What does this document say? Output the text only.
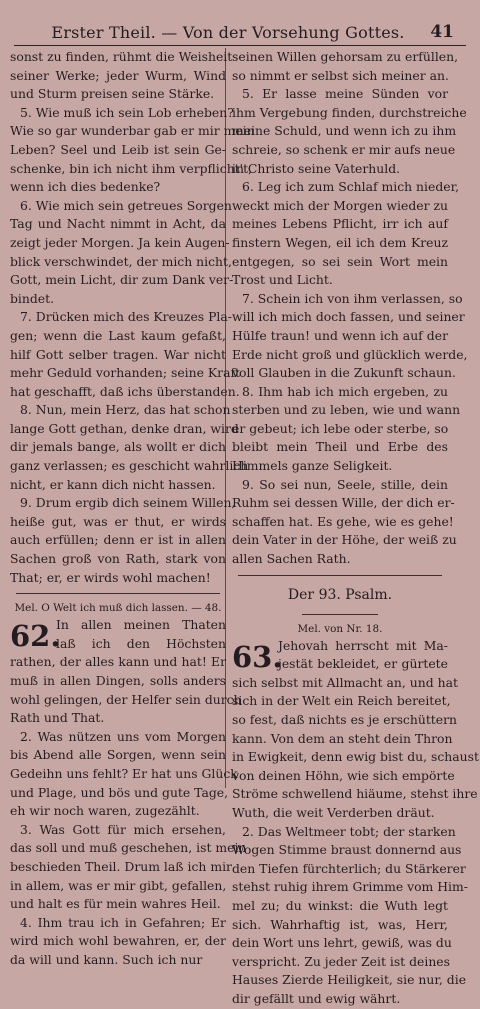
Erster Theil. — Von der Vorsehung Gottes. 41
sonst zu finden, rühmt die Weisheit
seiner Werke; jeder Wurm, Wind
und Sturm preisen seine Stärke.
5. Wie muß ich sein Lob erheben?
Wie so gar wunderbar gab er mir mein
Leben? Seel und Leib ist sein Ge-
schenke, bin ich nicht ihm verpflicht't,
wenn ich dies bedenke?
6. Wie mich sein getreues Sorgen
Tag und Nacht nimmt in Acht, da
zeigt jeder Morgen. Ja kein Augen-
blick verschwindet, der mich nicht,
Gott, mein Licht, dir zum Dank ver-
bindet.
7. Drücken mich des Kreuzes Pla-
gen; wenn die Last kaum gefaßt,
hilf Gott selber tragen. War nicht
mehr Geduld vorhanden; seine Kraft
hat geschafft, daß ichs überstanden.
8. Nun, mein Herz, das hat schon
lange Gott gethan, denke dran, wird
dir jemals bange, als wollt er dich
ganz verlassen; es geschicht wahrlich
nicht, er kann dich nicht hassen.
9. Drum ergib dich seinem Willen,
heiße gut, was er thut, er wirds
auch erfüllen; denn er ist in allen
Sachen groß von Rath, stark von
That; er, er wirds wohl machen!
Mel. O Welt ich muß dich lassen. — 48.
62.
In allen meinen Thaten
laß ich den Höchsten
rathen, der alles kann und hat! Er
muß in allen Dingen, solls anders
wohl gelingen, der Helfer sein durch
Rath und That.
2. Was nützen uns vom Morgen
bis Abend alle Sorgen, wenn sein
Gedeihn uns fehlt? Er hat uns Glück
und Plage, und bös und gute Tage,
eh wir noch waren, zugezählt.
3. Was Gott für mich ersehen,
das soll und muß geschehen, ist mein
beschieden Theil. Drum laß ich mir
in allem, was er mir gibt, gefallen,
und halt es für mein wahres Heil.
4. Ihm trau ich in Gefahren; Er
wird mich wohl bewahren, er, der
da will und kann. Such ich nur
seinen Willen gehorsam zu erfüllen,
so nimmt er selbst sich meiner an.
5. Er lasse meine Sünden vor
ihm Vergebung finden, durchstreiche
meine Schuld, und wenn ich zu ihm
schreie, so schenk er mir aufs neue
in Christo seine Vaterhuld.
6. Leg ich zum Schlaf mich nieder,
weckt mich der Morgen wieder zu
meines Lebens Pflicht, irr ich auf
finstern Wegen, eil ich dem Kreuz
entgegen, so sei sein Wort mein
Trost und Licht.
7. Schein ich von ihm verlassen, so
will ich mich doch fassen, und seiner
Hülfe traun! und wenn ich auf der
Erde nicht groß und glücklich werde,
voll Glauben in die Zukunft schaun.
8. Ihm hab ich mich ergeben, zu
sterben und zu leben, wie und wann
er gebeut; ich lebe oder sterbe, so
bleibt mein Theil und Erbe des
Himmels ganze Seligkeit.
9. So sei nun, Seele, stille, dein
Ruhm sei dessen Wille, der dich er-
schaffen hat. Es gehe, wie es gehe!
dein Vater in der Höhe, der weiß zu
allen Sachen Rath.
Der 93. Psalm.
Mel. von Nr. 18.
63.
Jehovah herrscht mit Ma-
jestät bekleidet, er gürtete
sich selbst mit Allmacht an, und hat
sich in der Welt ein Reich bereitet,
so fest, daß nichts es je erschüttern
kann. Von dem an steht dein Thron
in Ewigkeit, denn ewig bist du, schaust
von deinen Höhn, wie sich empörte
Ströme schwellend hiäume, stehst ihre
Wuth, die weit Verderben dräut.
2. Das Weltmeer tobt; der starken
Wogen Stimme braust donnernd aus
den Tiefen fürchterlich; du Stärkerer
stehst ruhig ihrem Grimme vom Him-
mel zu; du winkst: die Wuth legt
sich. Wahrhaftig ist, was, Herr,
dein Wort uns lehrt, gewiß, was du
verspricht. Zu jeder Zeit ist deines
Hauses Zierde Heiligkeit, sie nur, die
dir gefällt und ewig währt.
